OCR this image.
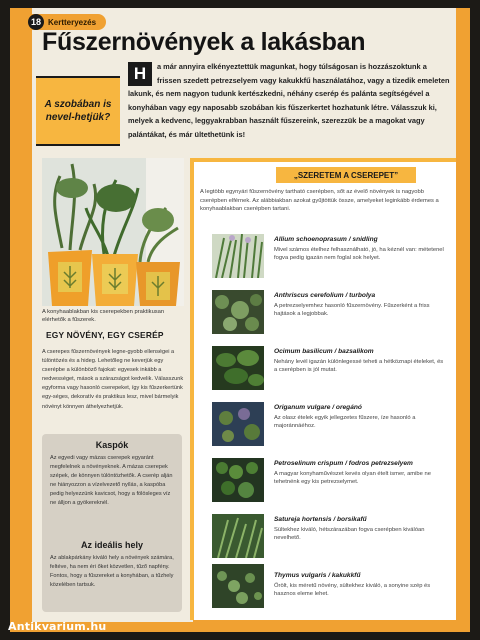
18 Kertteryezés
Fűszernövények a lakásban

H	a már annyira elkényeztettük magunkat, hogy túlságosan is hozzászoktunk a frissen szedett petrezselyem vagy kakukkfű használatához, vagy a tizedik emeleten lakunk, és nem nagyon tudunk kertészkedni, néhány cserép és palánta segítségével a konyhában vagy egy naposabb szobában kis fűszerkertet hozhatunk létre. Válasszuk ki, melyek a kedvenc, leggyakrabban használt fűszereink, szerezzük be a magokat vagy palántákat, és már ültethetünk is!

A szobában is nevel-hetjük?

A konyhaablakban kis cserepekben praktikusan elérhetők a fűszerek.

EGY NÖVÉNY, EGY CSERÉP

A cserepes fűszernövények legne-gyobb ellenségei a túlöntözés és a hideg. Lehetőleg ne keverjük egy cserépbe a különböző fajokat: egyesek inkább a nedvességet, mások a szárazságot kedvelik. Válasszunk egyforma vagy hasonló cserepeket, így kis fűszerkertünk egy-séges, dekoratív és praktikus lesz, mivel bármelyik növényt könnyen áthelyezhetjük.

Kaspók

Az egyedi vagy mázas cserepek egyaránt megfelelnek a növényeknek. A mázas cserepek szépek, de könnyen túlöntözhetők. A cserép alján ne hiányozzon a vízelvezető nyílás, a kaspóba pedig helyezzünk kavicsot, hogy a fölösleges víz ne álljon a gyökereknél.

Az ideális hely

Az ablakpárkány kiváló hely a növények számára, feltéve, ha nem éri őket közvetlen, tűző napfény. Fontos, hogy a fűszereket a konyhában, a tűzhely közelében tartsuk.

„SZERETEM A CSEREPET”

A legtöbb egynyári fűszernövény tartható cserépben, sőt az évelő növények is nagyobb cserépben elférnek. Az alábbiakban azokat gyűjtöttük össze, amelyeket leginkább érdemes a konyhaablakban cserépben tartani.

Allium schoenoprasum / snidling

Mivel számos ételhez felhasználható, jó, ha kéznél van: métetenel fogva pedig igazán nem foglal sok helyet.

Anthriscus cerefolium / turbolya

A petrezselyemhez hasonló fűszernövény. Fűszerként a friss hajtások a legjobbak.

Ocimum basilicum / bazsalikom

Nehány levél igazán különlegessé teheti a hétköznapi ételeket, és a cserépben is jól mutat.

Origanum vulgare / oregánó

Az olasz ételek egyik jellegzetes fűszere, íze hasonló a majoránnáéhoz.

Petroselinum crispum / fodros petrezselyem

A magyar konyhaművészet kevés olyan ételt ismer, amibe ne tehetnénk egy kis petrezselymet.

Satureja hortensis / borsikafű

Sültekhez kiváló, hétszárazában fogva cserépben kiválóan nevelhető.

Thymus vulgaris / kakukkfű

Őrölt, kis méretű növény, sültekhez kiváló, a sonyine szép és hasznos eleme lehet.

Antikvarium.hu
